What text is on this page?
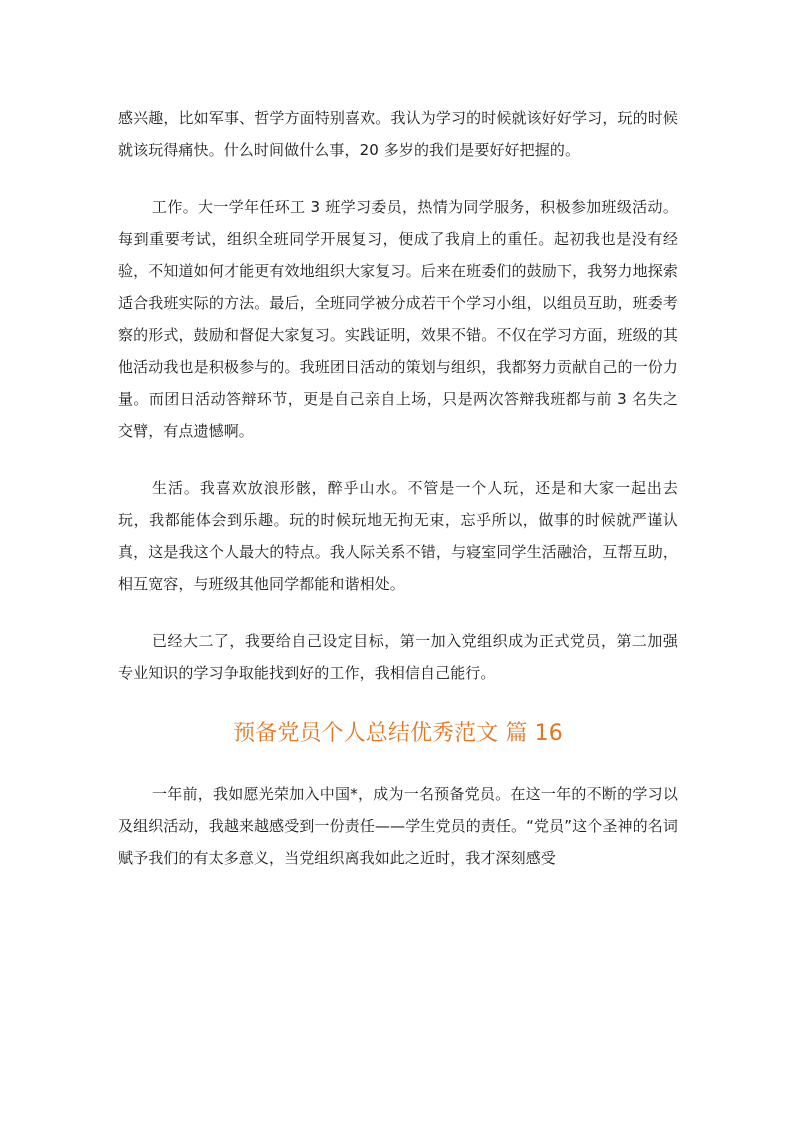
感兴趣，比如军事、哲学方面特别喜欢。我认为学习的时候就该好好学习，玩的时候就该玩得痛快。什么时间做什么事，20 多岁的我们是要好好把握的。

工作。大一学年任环工 3 班学习委员，热情为同学服务，积极参加班级活动。每到重要考试，组织全班同学开展复习，便成了我肩上的重任。起初我也是没有经验，不知道如何才能更有效地组织大家复习。后来在班委们的鼓励下，我努力地探索适合我班实际的方法。最后，全班同学被分成若干个学习小组，以组员互助，班委考察的形式，鼓励和督促大家复习。实践证明，效果不错。不仅在学习方面，班级的其他活动我也是积极参与的。我班团日活动的策划与组织，我都努力贡献自己的一份力量。而团日活动答辩环节，更是自己亲自上场，只是两次答辩我班都与前 3 名失之交臂，有点遗憾啊。

生活。我喜欢放浪形骸，醉乎山水。不管是一个人玩，还是和大家一起出去玩，我都能体会到乐趣。玩的时候玩地无拘无束，忘乎所以，做事的时候就严谨认真，这是我这个人最大的特点。我人际关系不错，与寝室同学生活融洽，互帮互助，相互宽容，与班级其他同学都能和谐相处。

已经大二了，我要给自己设定目标，第一加入党组织成为正式党员，第二加强专业知识的学习争取能找到好的工作，我相信自己能行。

预备党员个人总结优秀范文 篇 16

一年前，我如愿光荣加入中国*，成为一名预备党员。在这一年的不断的学习以及组织活动，我越来越感受到一份责任——学生党员的责任。“党员”这个圣神的名词赋予我们的有太多意义，当党组织离我如此之近时，我才深刻感受
